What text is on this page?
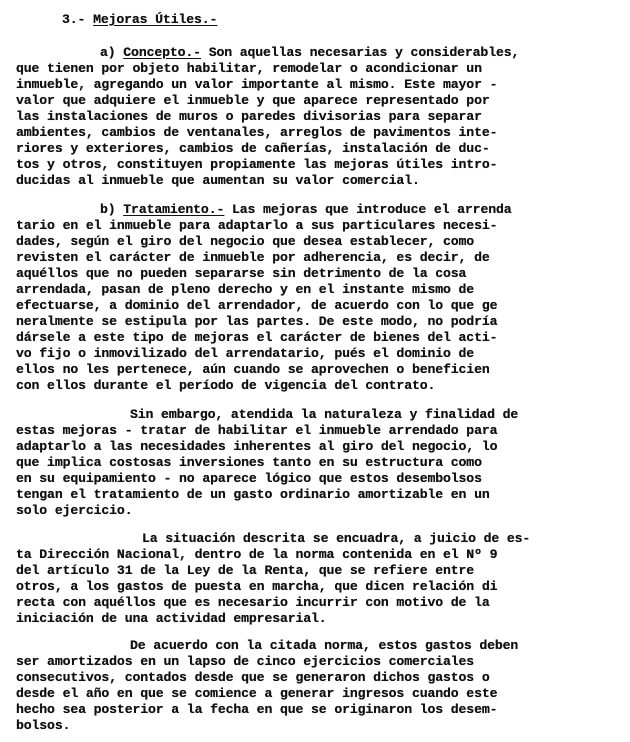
3.- Mejoras Útiles.-
a) Concepto.- Son aquellas necesarias y considerables,
que tienen por objeto habilitar, remodelar o acondicionar un
inmueble, agregando un valor importante al mismo. Este mayor -
valor que adquiere el inmueble y que aparece representado por
las instalaciones de muros o paredes divisorias para separar
ambientes, cambios de ventanales, arreglos de pavimentos inte-
riores y exteriores, cambios de cañerías, instalación de duc-
tos y otros, constituyen propiamente las mejoras útiles intro-
ducidas al inmueble que aumentan su valor comercial.
b) Tratamiento.- Las mejoras que introduce el arrenda
tario en el inmueble para adaptarlo a sus particulares necesi-
dades, según el giro del negocio que desea establecer, como
revisten el carácter de inmueble por adherencia, es decir, de
aquéllos que no pueden separarse sin detrimento de la cosa
arrendada, pasan de pleno derecho y en el instante mismo de
efectuarse, a dominio del arrendador, de acuerdo con lo que ge
neralmente se estipula por las partes. De este modo, no podría
dársele a este tipo de mejoras el carácter de bienes del acti-
vo fijo o inmovilizado del arrendatario, pués el dominio de
ellos no les pertenece, aún cuando se aprovechen o beneficien
con ellos durante el período de vigencia del contrato.
Sin embargo, atendida la naturaleza y finalidad de
estas mejoras - tratar de habilitar el inmueble arrendado para
adaptarlo a las necesidades inherentes al giro del negocio, lo
que implica costosas inversiones tanto en su estructura como
en su equipamiento - no aparece lógico que estos desembolsos
tengan el tratamiento de un gasto ordinario amortizable en un
solo ejercicio.
La situación descrita se encuadra, a juicio de es-
ta Dirección Nacional, dentro de la norma contenida en el Nº 9
del artículo 31 de la Ley de la Renta, que se refiere entre
otros, a los gastos de puesta en marcha, que dicen relación di
recta con aquéllos que es necesario incurrir con motivo de la
iniciación de una actividad empresarial.
De acuerdo con la citada norma, estos gastos deben
ser amortizados en un lapso de cinco ejercicios comerciales
consecutivos, contados desde que se generaron dichos gastos o
desde el año en que se comience a generar ingresos cuando este
hecho sea posterior a la fecha en que se originaron los desem-
bolsos.
